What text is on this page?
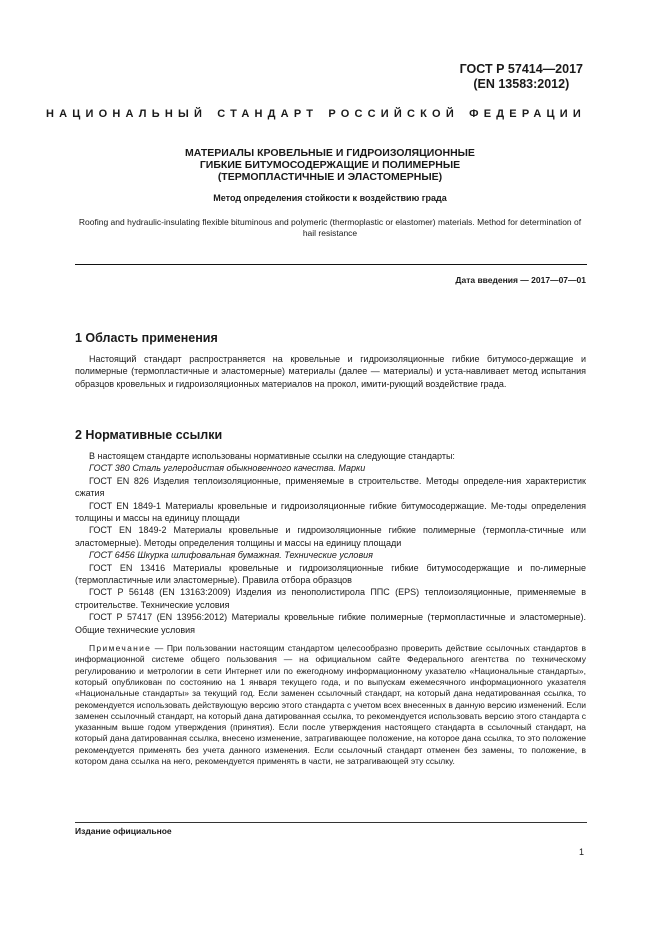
ГОСТ Р 57414—2017
(EN 13583:2012)
НАЦИОНАЛЬНЫЙ СТАНДАРТ РОССИЙСКОЙ ФЕДЕРАЦИИ
МАТЕРИАЛЫ КРОВЕЛЬНЫЕ И ГИДРОИЗОЛЯЦИОННЫЕ
ГИБКИЕ БИТУМОСОДЕРЖАЩИЕ И ПОЛИМЕРНЫЕ
(ТЕРМОПЛАСТИЧНЫЕ И ЭЛАСТОМЕРНЫЕ)
Метод определения стойкости к воздействию града
Roofing and hydraulic-insulating flexible bituminous and polymeric (thermoplastic or elastomer) materials. Method for determination of hail resistance
Дата введения — 2017—07—01
1 Область применения
Настоящий стандарт распространяется на кровельные и гидроизоляционные гибкие битумосо-держащие и полимерные (термопластичные и эластомерные) материалы (далее — материалы) и уста-навливает метод испытания образцов кровельных и гидроизоляционных материалов на прокол, имити-рующий воздействие града.
2 Нормативные ссылки

В настоящем стандарте использованы нормативные ссылки на следующие стандарты:

ГОСТ 380 Сталь углеродистая обыкновенного качества. Марки

ГОСТ EN 826 Изделия теплоизоляционные, применяемые в строительстве. Методы определе-ния характеристик сжатия

ГОСТ EN 1849-1 Материалы кровельные и гидроизоляционные гибкие битумосодержащие. Ме-тоды определения толщины и массы на единицу площади

ГОСТ EN 1849-2 Материалы кровельные и гидроизоляционные гибкие полимерные (термопла-стичные или эластомерные). Методы определения толщины и массы на единицу площади

ГОСТ 6456 Шкурка шлифовальная бумажная. Технические условия

ГОСТ EN 13416 Материалы кровельные и гидроизоляционные гибкие битумосодержащие и по-лимерные (термопластичные или эластомерные). Правила отбора образцов

ГОСТ Р 56148 (EN 13163:2009) Изделия из пенополистирола ППС (EPS) теплоизоляционные, применяемые в строительстве. Технические условия

ГОСТ Р 57417 (EN 13956:2012) Материалы кровельные гибкие полимерные (термопластичные и эластомерные). Общие технические условия

Примечание — При пользовании настоящим стандартом целесообразно проверить действие ссылочных стандартов в информационной системе общего пользования — на официальном сайте Федерального агентства по техническому регулированию и метрологии в сети Интернет или по ежегодному информационному указателю «Национальные стандарты», который опубликован по состоянию на 1 января текущего года, и по выпускам ежемесячного информационного указателя «Национальные стандарты» за текущий год. Если заменен ссылочный стандарт, на который дана недатированная ссылка, то рекомендуется использовать действующую версию этого стандарта с учетом всех внесенных в данную версию изменений. Если заменен ссылочный стандарт, на который дана датированная ссылка, то рекомендуется использовать версию этого стандарта с указанным выше годом утверждения (принятия). Если после утверждения настоящего стандарта в ссылочный стандарт, на который дана датированная ссылка, внесено изменение, затрагивающее положение, на которое дана ссылка, то это положение рекомендуется применять без учета данного изменения. Если ссылочный стандарт отменен без замены, то положение, в котором дана ссылка на него, рекомендуется применять в части, не затрагивающей эту ссылку.
Издание официальное
1
